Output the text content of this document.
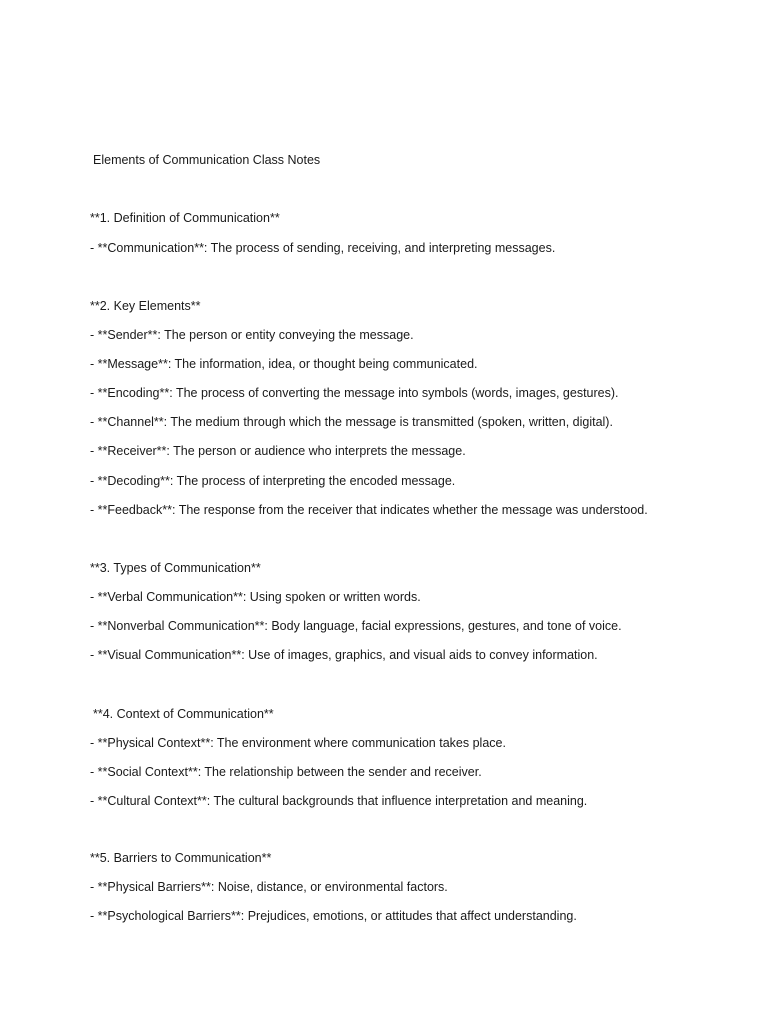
Elements of Communication Class Notes
**1. Definition of Communication**
- **Communication**: The process of sending, receiving, and interpreting messages.
**2. Key Elements**
- **Sender**: The person or entity conveying the message.
- **Message**: The information, idea, or thought being communicated.
- **Encoding**: The process of converting the message into symbols (words, images, gestures).
- **Channel**: The medium through which the message is transmitted (spoken, written, digital).
- **Receiver**: The person or audience who interprets the message.
- **Decoding**: The process of interpreting the encoded message.
- **Feedback**: The response from the receiver that indicates whether the message was understood.
**3. Types of Communication**
- **Verbal Communication**: Using spoken or written words.
- **Nonverbal Communication**: Body language, facial expressions, gestures, and tone of voice.
- **Visual Communication**: Use of images, graphics, and visual aids to convey information.
**4. Context of Communication**
- **Physical Context**: The environment where communication takes place.
- **Social Context**: The relationship between the sender and receiver.
- **Cultural Context**: The cultural backgrounds that influence interpretation and meaning.
**5. Barriers to Communication**
- **Physical Barriers**: Noise, distance, or environmental factors.
- **Psychological Barriers**: Prejudices, emotions, or attitudes that affect understanding.
